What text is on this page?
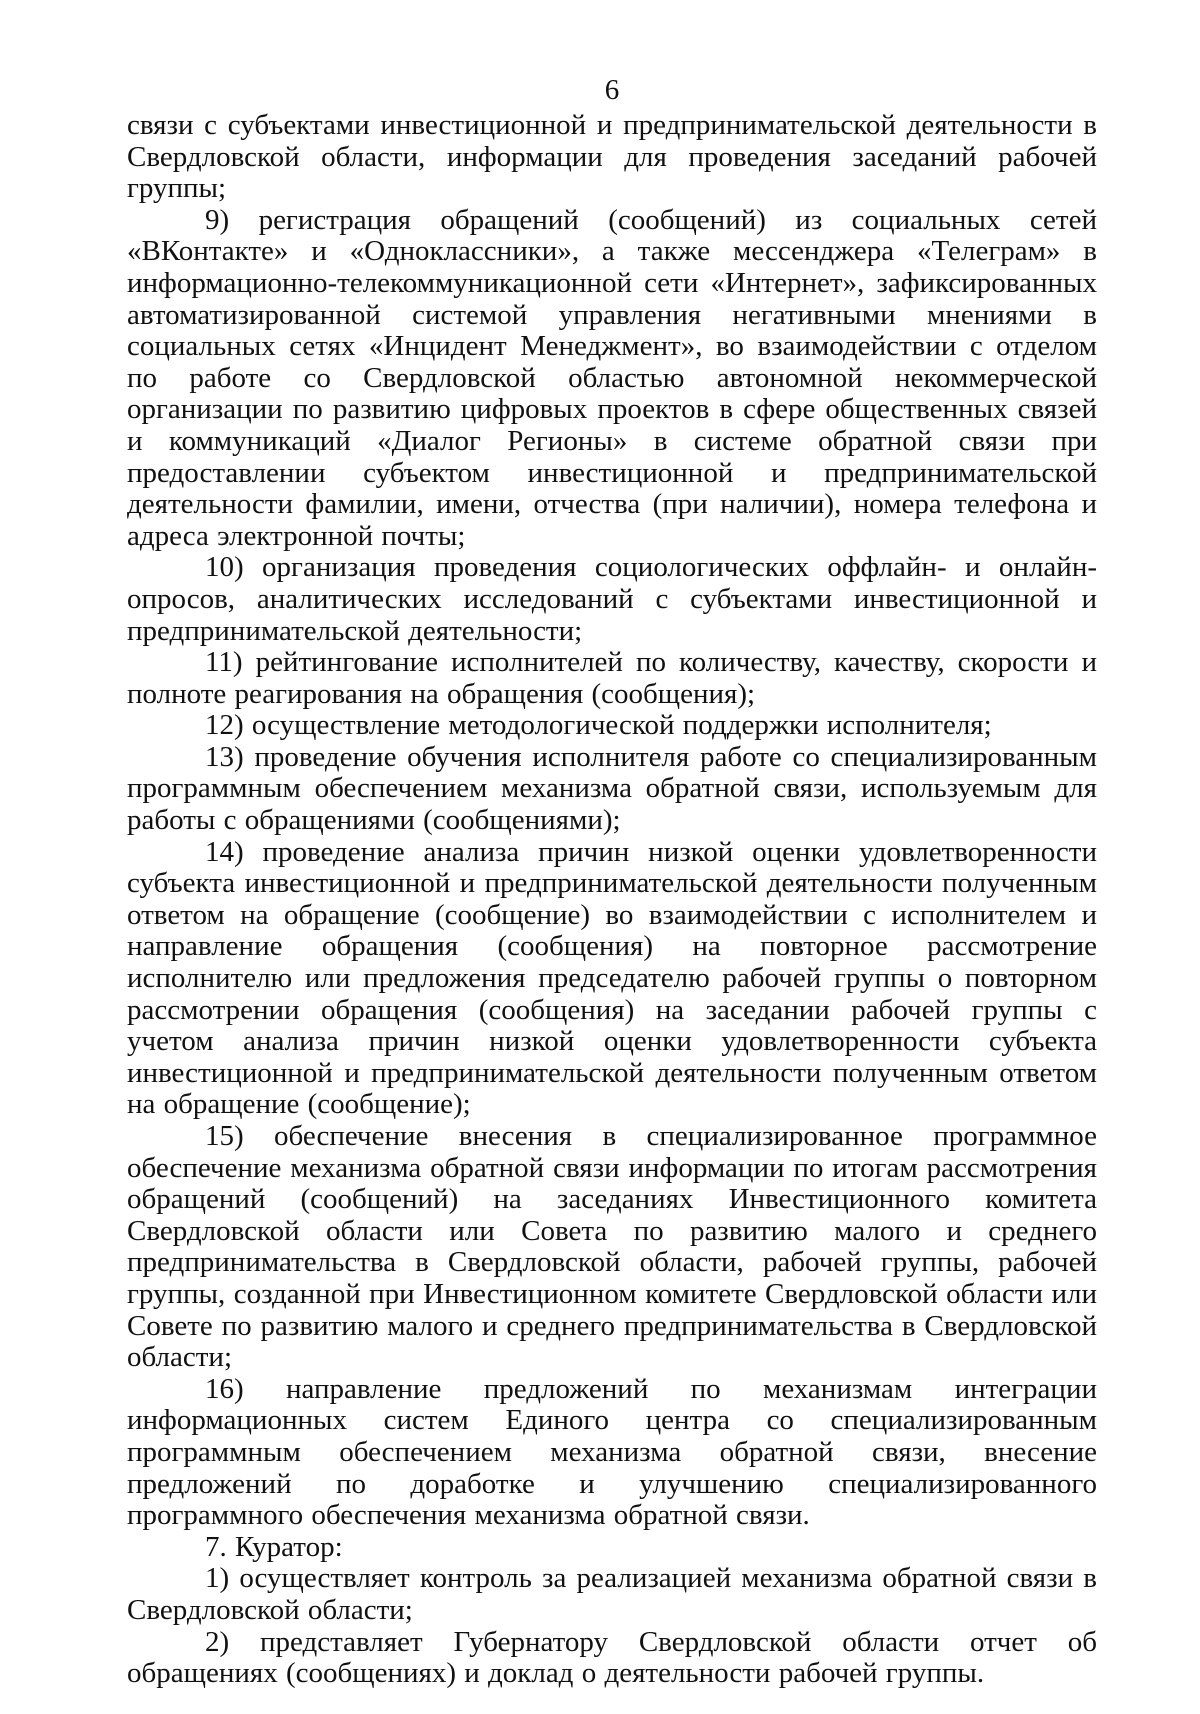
6

связи с субъектами инвестиционной и предпринимательской деятельности в Свердловской области, информации для проведения заседаний рабочей группы;

9) регистрация обращений (сообщений) из социальных сетей «ВКонтакте» и «Одноклассники», а также мессенджера «Телеграм» в информационно-телекоммуникационной сети «Интернет», зафиксированных автоматизированной системой управления негативными мнениями в социальных сетях «Инцидент Менеджмент», во взаимодействии с отделом по работе со Свердловской областью автономной некоммерческой организации по развитию цифровых проектов в сфере общественных связей и коммуникаций «Диалог Регионы» в системе обратной связи при предоставлении субъектом инвестиционной и предпринимательской деятельности фамилии, имени, отчества (при наличии), номера телефона и адреса электронной почты;

10) организация проведения социологических оффлайн- и онлайн-опросов, аналитических исследований с субъектами инвестиционной и предпринимательской деятельности;

11) рейтингование исполнителей по количеству, качеству, скорости и полноте реагирования на обращения (сообщения);

12) осуществление методологической поддержки исполнителя;

13) проведение обучения исполнителя работе со специализированным программным обеспечением механизма обратной связи, используемым для работы с обращениями (сообщениями);

14) проведение анализа причин низкой оценки удовлетворенности субъекта инвестиционной и предпринимательской деятельности полученным ответом на обращение (сообщение) во взаимодействии с исполнителем и направление обращения (сообщения) на повторное рассмотрение исполнителю или предложения председателю рабочей группы о повторном рассмотрении обращения (сообщения) на заседании рабочей группы с учетом анализа причин низкой оценки удовлетворенности субъекта инвестиционной и предпринимательской деятельности полученным ответом на обращение (сообщение);

15) обеспечение внесения в специализированное программное обеспечение механизма обратной связи информации по итогам рассмотрения обращений (сообщений) на заседаниях Инвестиционного комитета Свердловской области или Совета по развитию малого и среднего предпринимательства в Свердловской области, рабочей группы, рабочей группы, созданной при Инвестиционном комитете Свердловской области или Совете по развитию малого и среднего предпринимательства в Свердловской области;

16) направление предложений по механизмам интеграции информационных систем Единого центра со специализированным программным обеспечением механизма обратной связи, внесение предложений по доработке и улучшению специализированного программного обеспечения механизма обратной связи.

7. Куратор:

1) осуществляет контроль за реализацией механизма обратной связи в Свердловской области;

2) представляет Губернатору Свердловской области отчет об обращениях (сообщениях) и доклад о деятельности рабочей группы.
